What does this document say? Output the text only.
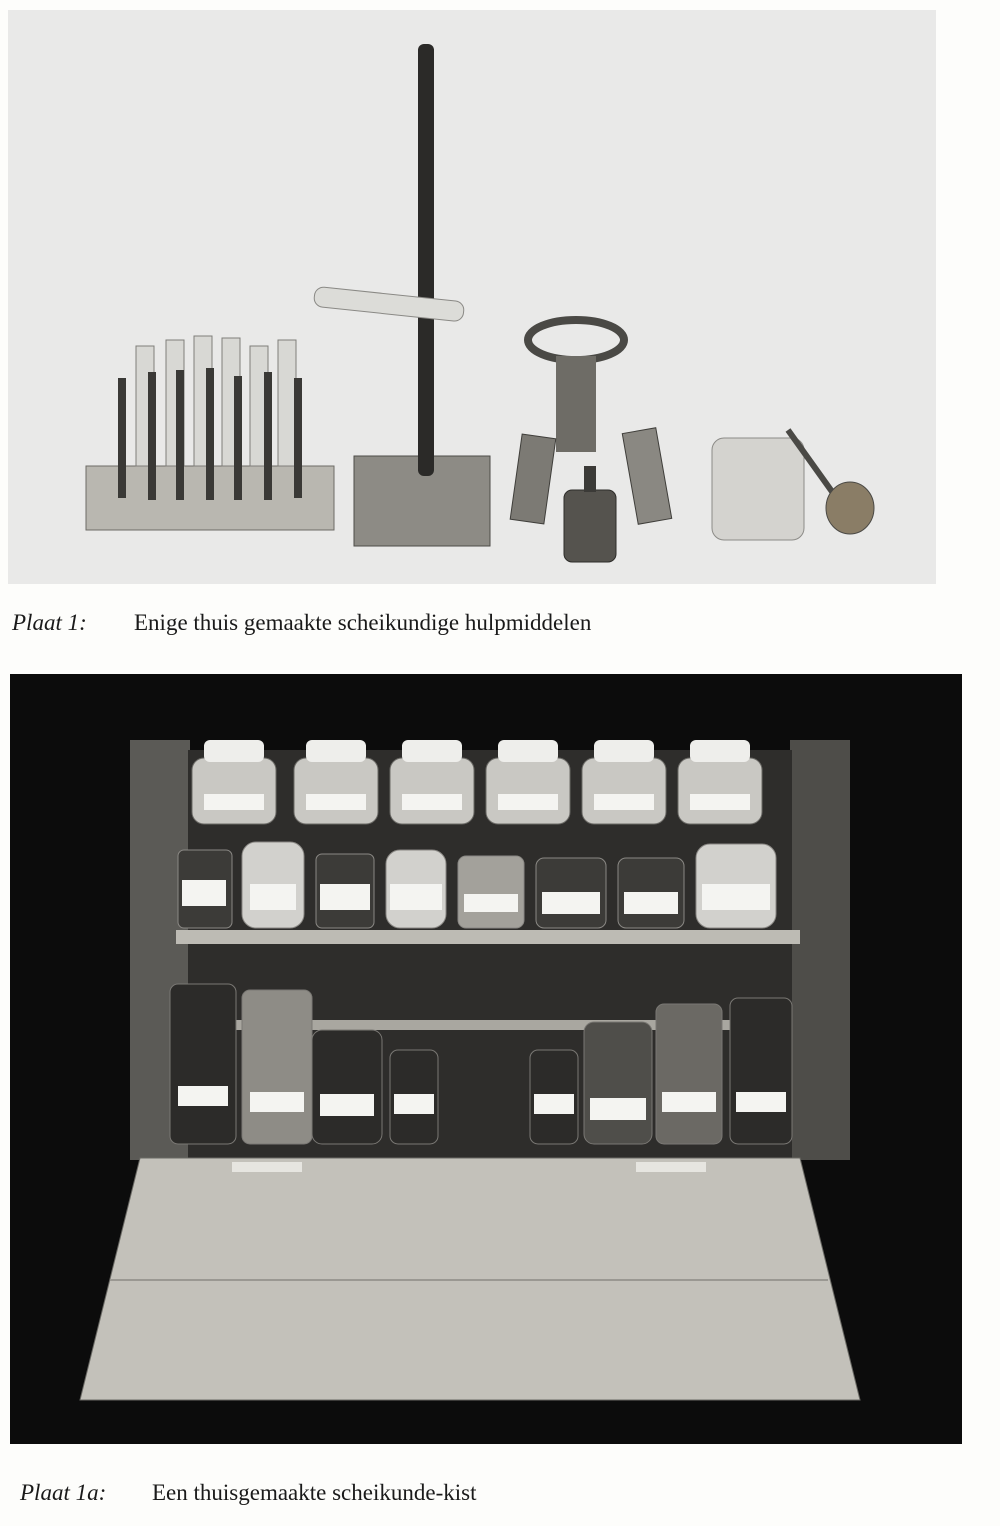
Plaat 1: Enige thuis gemaakte scheikundige hulpmiddelen
Plaat 1a: Een thuisgemaakte scheikunde-kist
